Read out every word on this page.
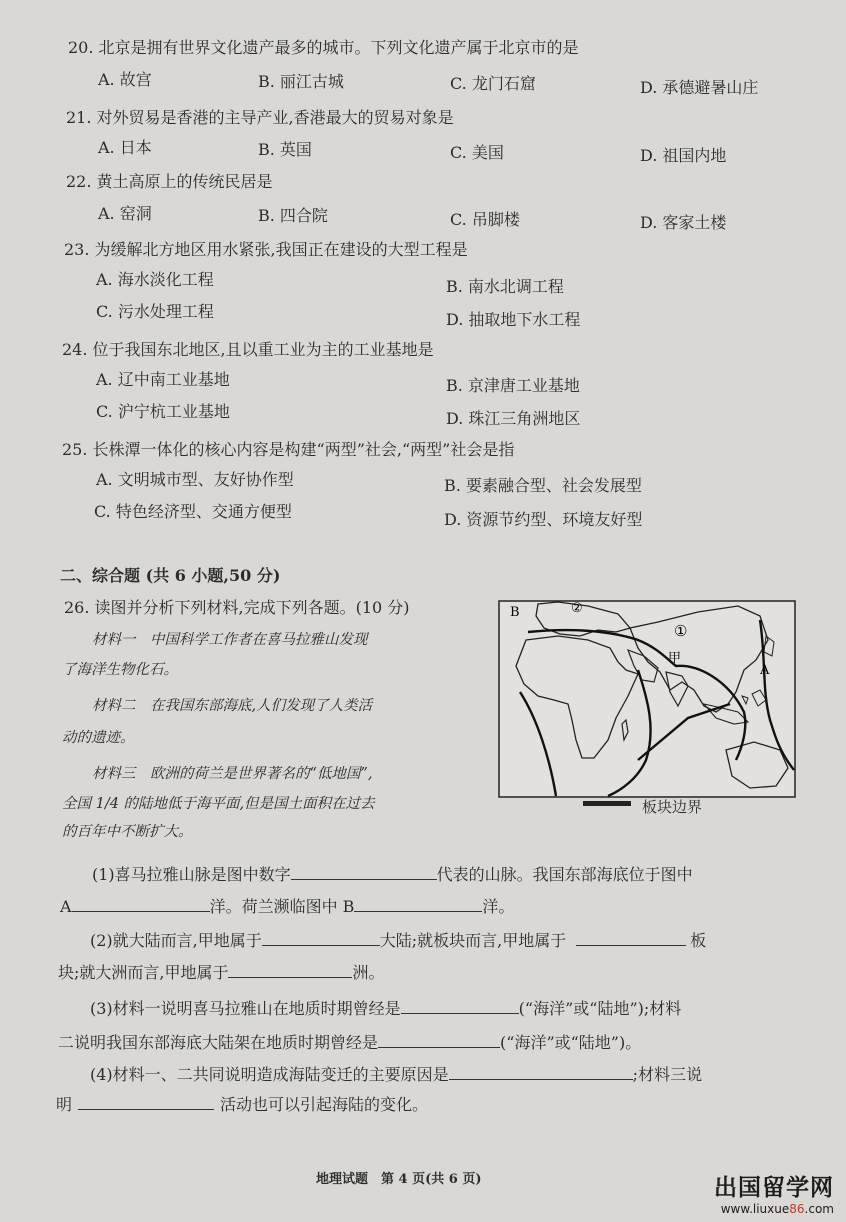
20. 北京是拥有世界文化遗产最多的城市。下列文化遗产属于北京市的是
A. 故宫	B. 丽江古城	C. 龙门石窟	D. 承德避暑山庄
21. 对外贸易是香港的主导产业,香港最大的贸易对象是
A. 日本	B. 英国	C. 美国	D. 祖国内地
22. 黄土高原上的传统民居是
A. 窑洞	B. 四合院	C. 吊脚楼	D. 客家土楼
23. 为缓解北方地区用水紧张,我国正在建设的大型工程是
A. 海水淡化工程	B. 南水北调工程
C. 污水处理工程	D. 抽取地下水工程
24. 位于我国东北地区,且以重工业为主的工业基地是
A. 辽中南工业基地	B. 京津唐工业基地
C. 沪宁杭工业基地	D. 珠江三角洲地区
25. 长株潭一体化的核心内容是构建“两型”社会,“两型”社会是指
A. 文明城市型、友好协作型	B. 要素融合型、社会发展型
C. 特色经济型、交通方便型	D. 资源节约型、环境友好型
二、综合题 (共 6 小题,50 分)
26. 读图并分析下列材料,完成下列各题。(10 分)
材料一　中国科学工作者在喜马拉雅山发现
了海洋生物化石。
材料二　在我国东部海底,人们发现了人类活
动的遗迹。
材料三　欧洲的荷兰是世界著名的“低地国”,
全国 1/4 的陆地低于海平面,但是国土面积在过去
的百年中不断扩大。
B	②
①
甲
A
板块边界
(1)喜马拉雅山脉是图中数字	代表的山脉。我国东部海底位于图中
A	洋。荷兰濒临图中 B	洋。
(2)就大陆而言,甲地属于	大陆;就板块而言,甲地属于	板
块;就大洲而言,甲地属于	洲。
(3)材料一说明喜马拉雅山在地质时期曾经是	(“海洋”或“陆地”);材料
二说明我国东部海底大陆架在地质时期曾经是	(“海洋”或“陆地”)。
(4)材料一、二共同说明造成海陆变迁的主要原因是	;材料三说
明	活动也可以引起海陆的变化。
地理试题　第 4 页(共 6 页)	出国留学网
www.liuxue86.com
